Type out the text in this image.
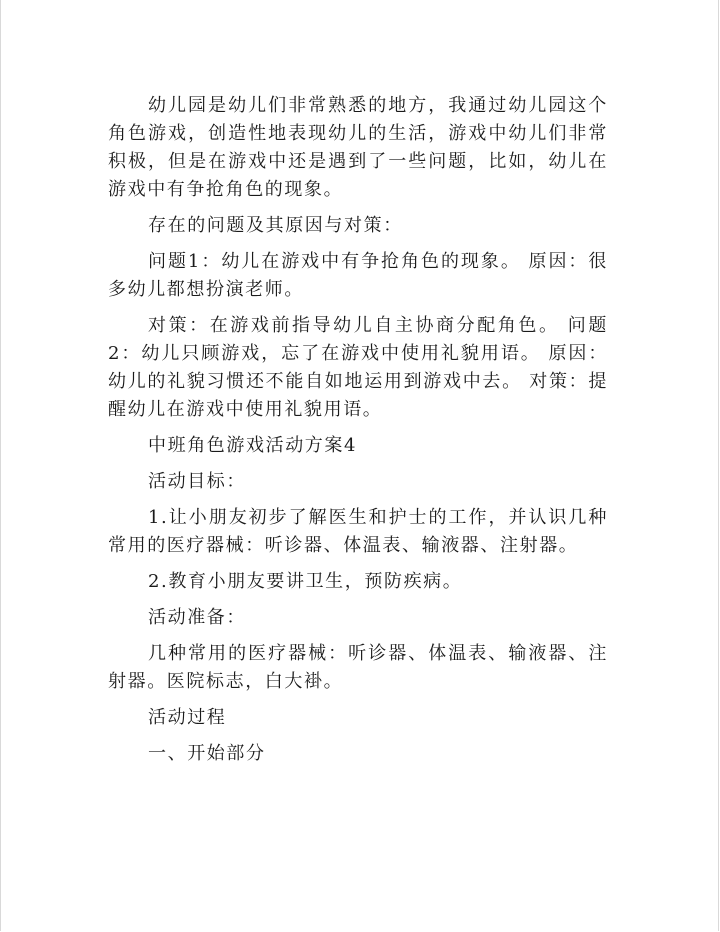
幼儿园是幼儿们非常熟悉的地方，我通过幼儿园这个角色游戏，创造性地表现幼儿的生活，游戏中幼儿们非常积极，但是在游戏中还是遇到了一些问题，比如，幼儿在游戏中有争抢角色的现象。

存在的问题及其原因与对策：

问题1：幼儿在游戏中有争抢角色的现象。 原因：很多幼儿都想扮演老师。

对策：在游戏前指导幼儿自主协商分配角色。 问题2：幼儿只顾游戏，忘了在游戏中使用礼貌用语。 原因：幼儿的礼貌习惯还不能自如地运用到游戏中去。 对策：提醒幼儿在游戏中使用礼貌用语。

中班角色游戏活动方案4

活动目标：

1.让小朋友初步了解医生和护士的工作，并认识几种常用的医疗器械：听诊器、体温表、输液器、注射器。

2.教育小朋友要讲卫生，预防疾病。

活动准备：

几种常用的医疗器械：听诊器、体温表、输液器、注射器。医院标志，白大褂。

活动过程

一、开始部分
